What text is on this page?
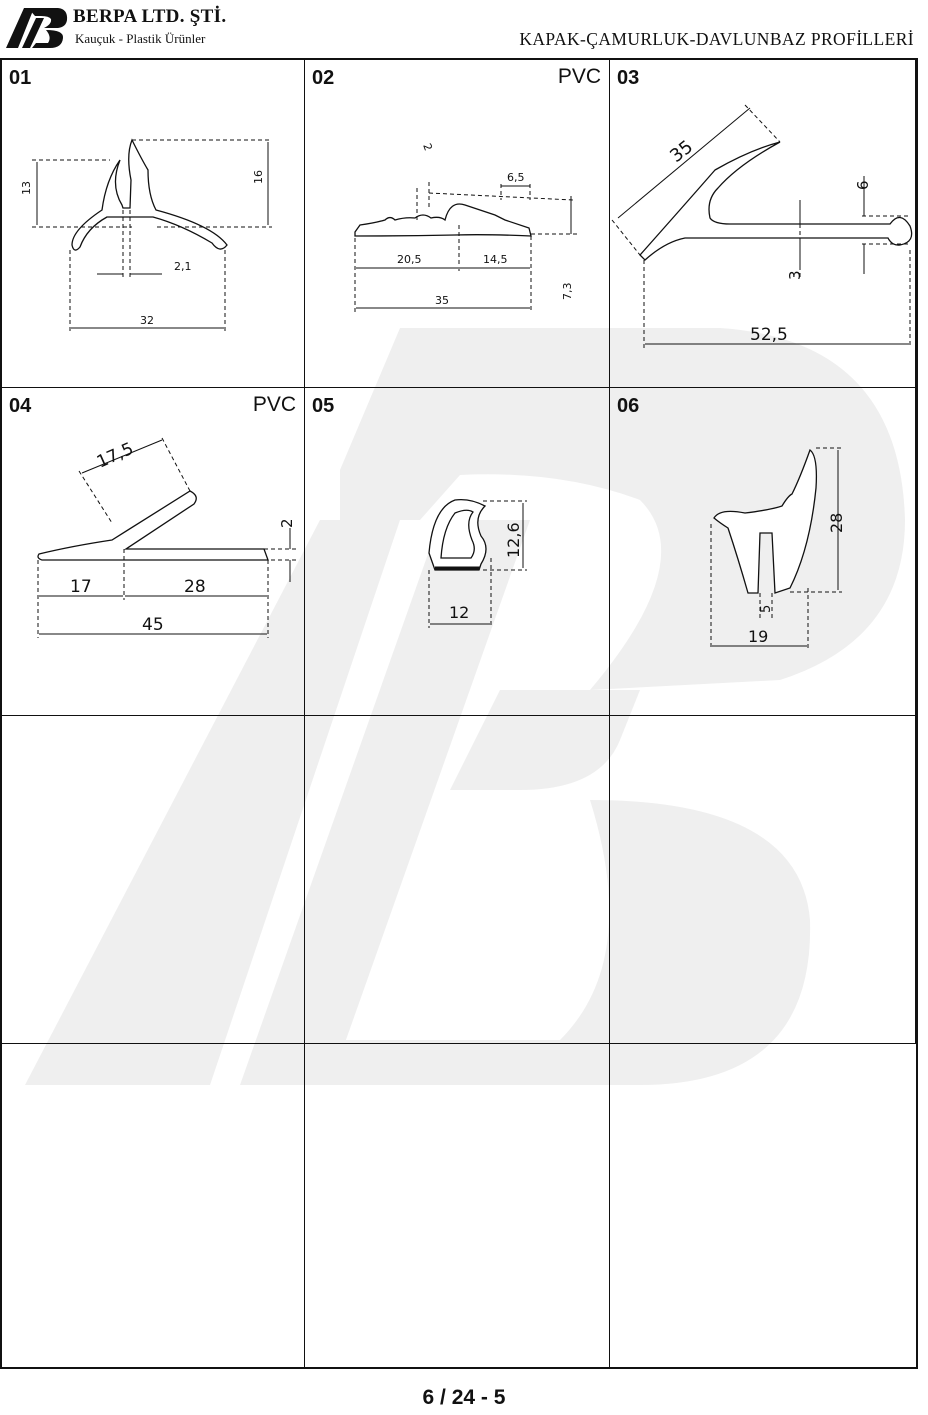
BERPA LTD. ŞTİ.
Kauçuk - Plastik Ürünler	KAPAK-ÇAMURLUK-DAVLUNBAZ PROFİLLERİ
01
13
16
2,1
32
02	PVC
2
6,5
20,5	14,5
7,3
35
03
35
6
3
52,5
04	PVC
17,5
2
17	28
45
05
12,6
12
06
28
5
19
6 / 24 - 5
